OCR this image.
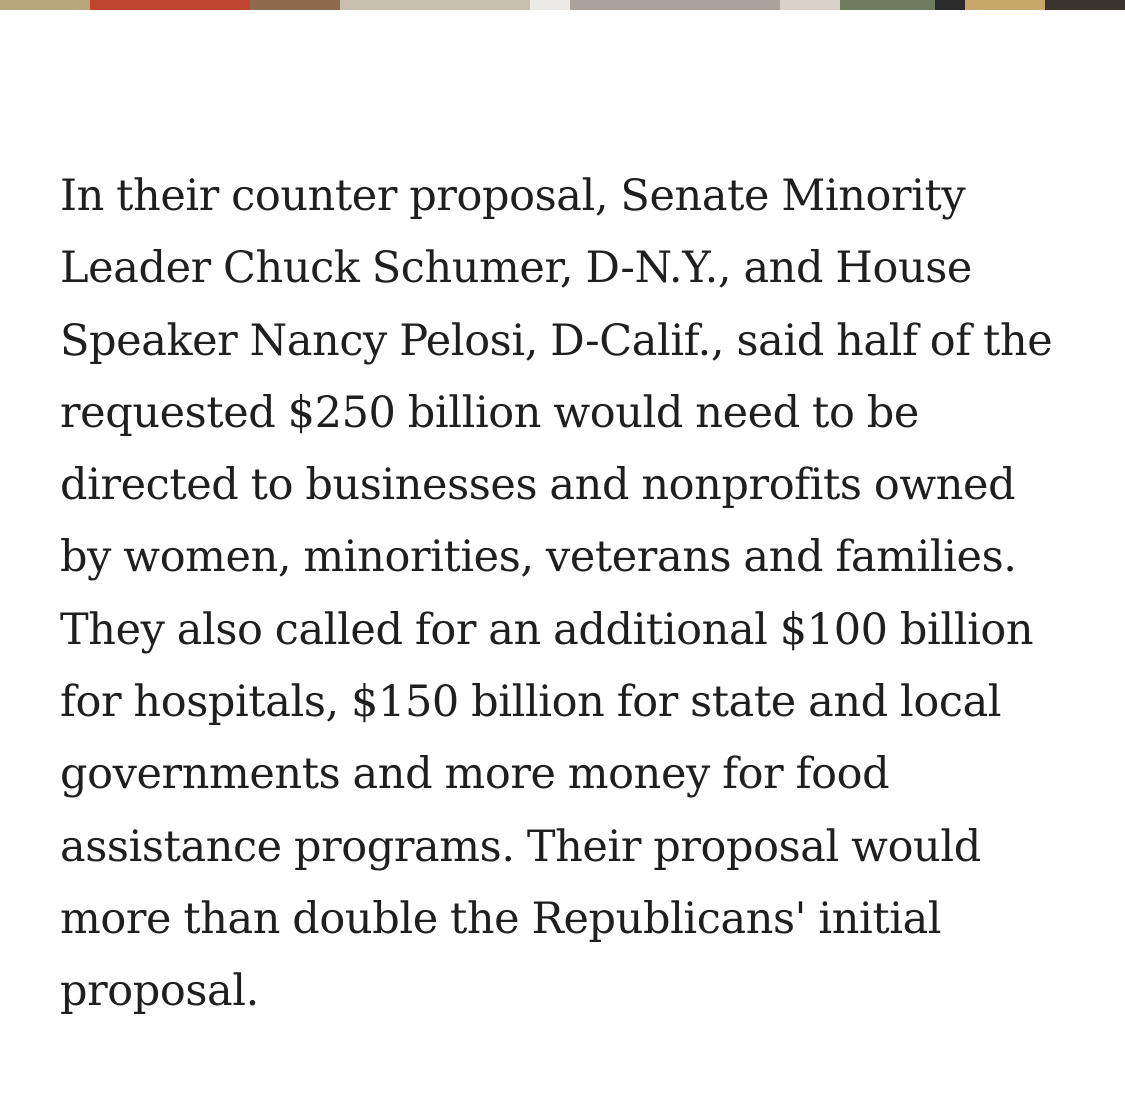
In their counter proposal, Senate Minority
Leader Chuck Schumer, D-N.Y., and House
Speaker Nancy Pelosi, D-Calif., said half of the
requested $250 billion would need to be
directed to businesses and nonprofits owned
by women, minorities, veterans and families.
They also called for an additional $100 billion
for hospitals, $150 billion for state and local
governments and more money for food
assistance programs. Their proposal would
more than double the Republicans' initial
proposal.
